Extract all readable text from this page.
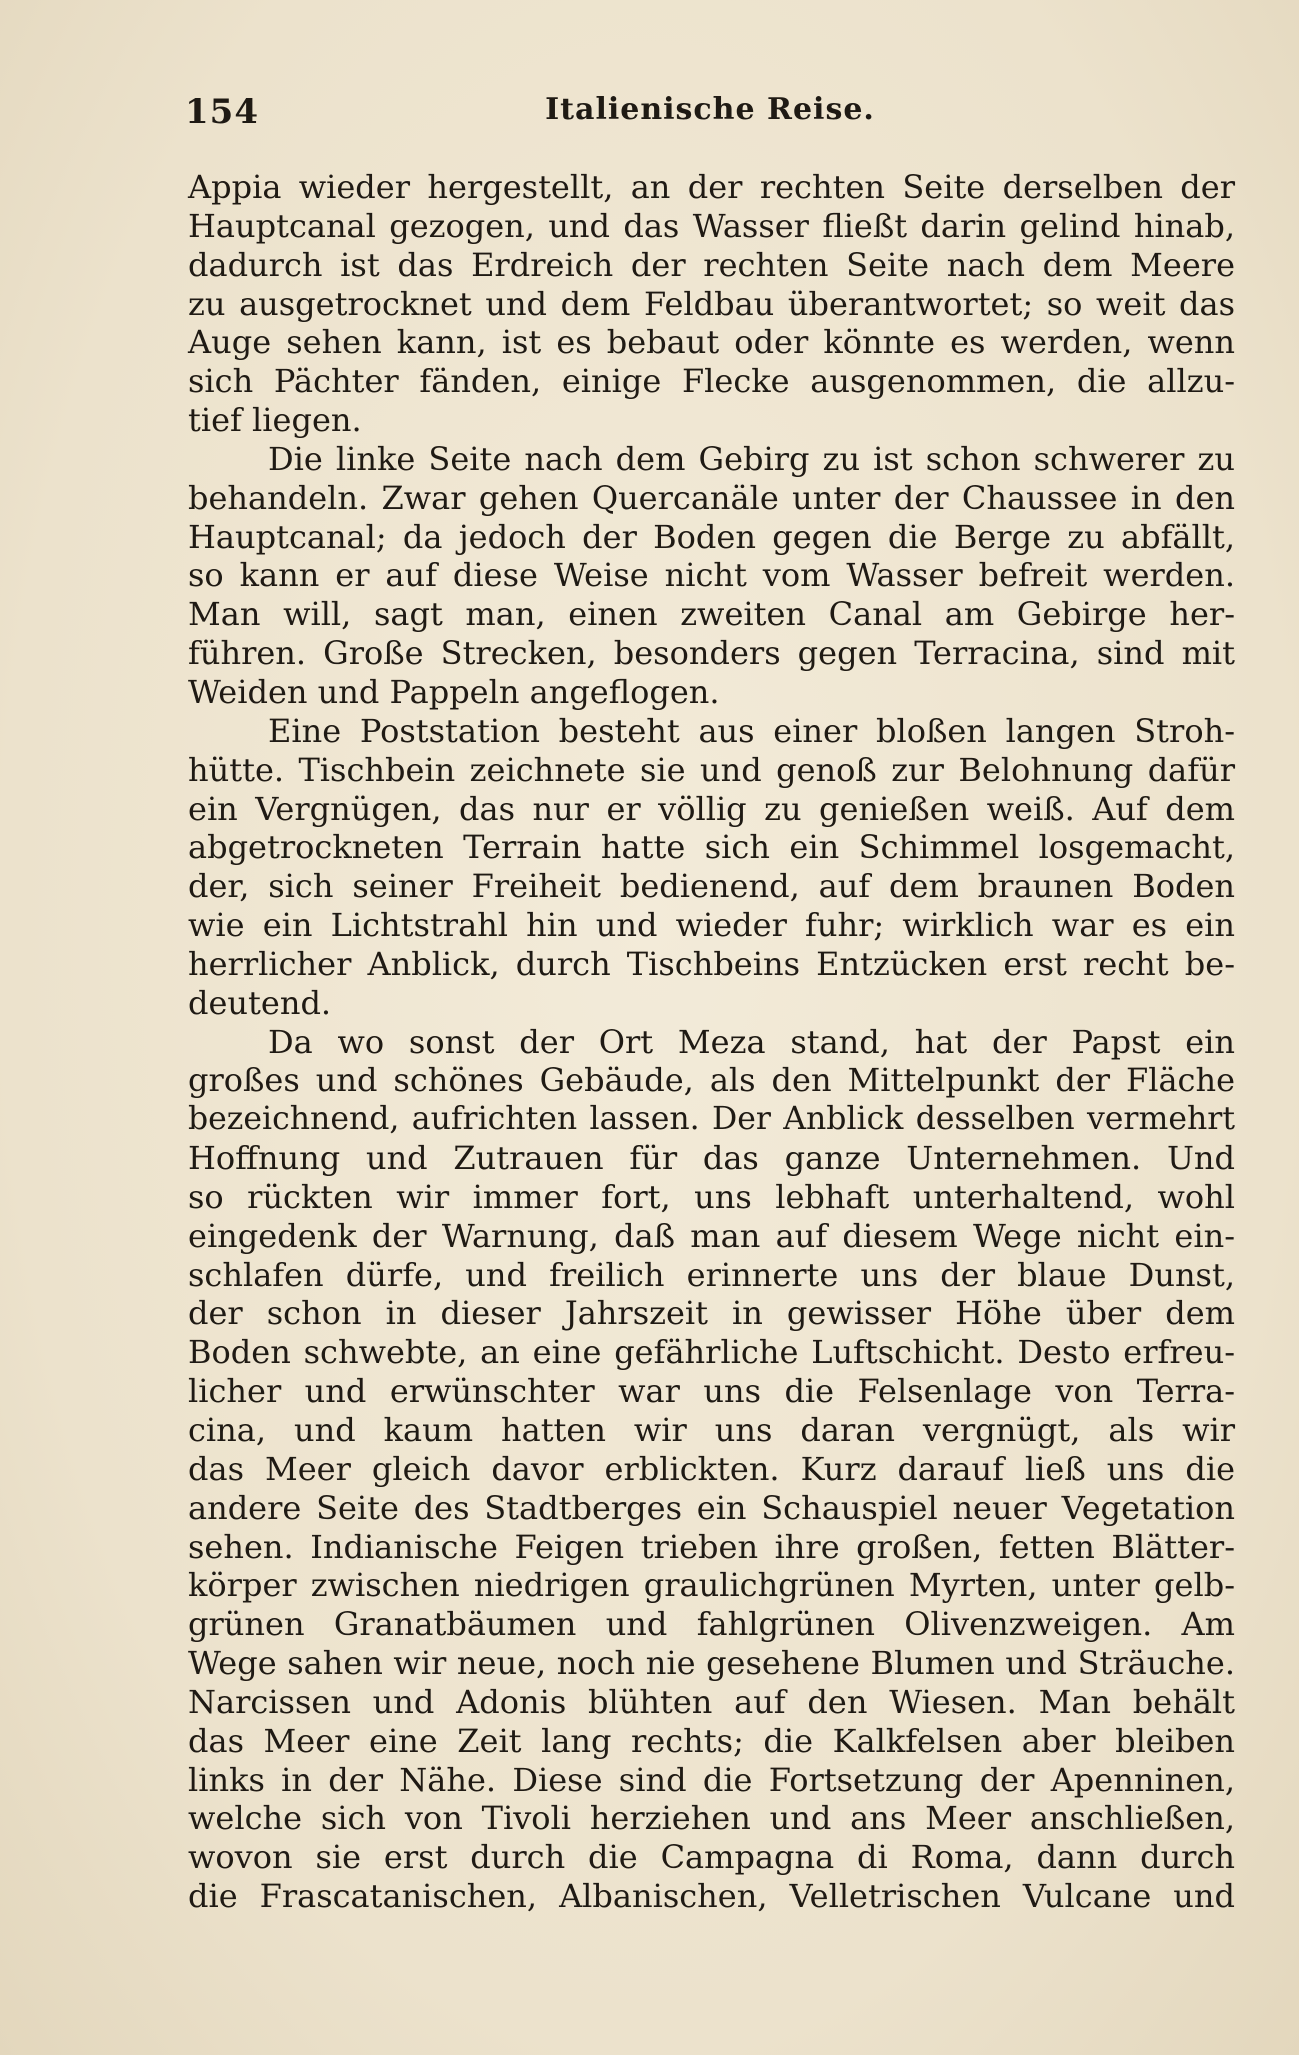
154	Italienische Reise.
Appia wieder hergestellt, an der rechten Seite derselben der
Hauptcanal gezogen, und das Wasser fließt darin gelind hinab,
dadurch ist das Erdreich der rechten Seite nach dem Meere
zu ausgetrocknet und dem Feldbau überantwortet; so weit das
Auge sehen kann, ist es bebaut oder könnte es werden, wenn
sich Pächter fänden, einige Flecke ausgenommen, die allzu-
tief liegen.
Die linke Seite nach dem Gebirg zu ist schon schwerer zu
behandeln. Zwar gehen Quercanäle unter der Chaussee in den
Hauptcanal; da jedoch der Boden gegen die Berge zu abfällt,
so kann er auf diese Weise nicht vom Wasser befreit werden.
Man will, sagt man, einen zweiten Canal am Gebirge her-
führen. Große Strecken, besonders gegen Terracina, sind mit
Weiden und Pappeln angeflogen.
Eine Poststation besteht aus einer bloßen langen Stroh-
hütte. Tischbein zeichnete sie und genoß zur Belohnung dafür
ein Vergnügen, das nur er völlig zu genießen weiß. Auf dem
abgetrockneten Terrain hatte sich ein Schimmel losgemacht,
der, sich seiner Freiheit bedienend, auf dem braunen Boden
wie ein Lichtstrahl hin und wieder fuhr; wirklich war es ein
herrlicher Anblick, durch Tischbeins Entzücken erst recht be-
deutend.
Da wo sonst der Ort Meza stand, hat der Papst ein
großes und schönes Gebäude, als den Mittelpunkt der Fläche
bezeichnend, aufrichten lassen. Der Anblick desselben vermehrt
Hoffnung und Zutrauen für das ganze Unternehmen. Und
so rückten wir immer fort, uns lebhaft unterhaltend, wohl
eingedenk der Warnung, daß man auf diesem Wege nicht ein-
schlafen dürfe, und freilich erinnerte uns der blaue Dunst,
der schon in dieser Jahrszeit in gewisser Höhe über dem
Boden schwebte, an eine gefährliche Luftschicht. Desto erfreu-
licher und erwünschter war uns die Felsenlage von Terra-
cina, und kaum hatten wir uns daran vergnügt, als wir
das Meer gleich davor erblickten. Kurz darauf ließ uns die
andere Seite des Stadtberges ein Schauspiel neuer Vegetation
sehen. Indianische Feigen trieben ihre großen, fetten Blätter-
körper zwischen niedrigen graulichgrünen Myrten, unter gelb-
grünen Granatbäumen und fahlgrünen Olivenzweigen. Am
Wege sahen wir neue, noch nie gesehene Blumen und Sträuche.
Narcissen und Adonis blühten auf den Wiesen. Man behält
das Meer eine Zeit lang rechts; die Kalkfelsen aber bleiben
links in der Nähe. Diese sind die Fortsetzung der Apenninen,
welche sich von Tivoli herziehen und ans Meer anschließen,
wovon sie erst durch die Campagna di Roma, dann durch
die Frascatanischen, Albanischen, Velletrischen Vulcane und
